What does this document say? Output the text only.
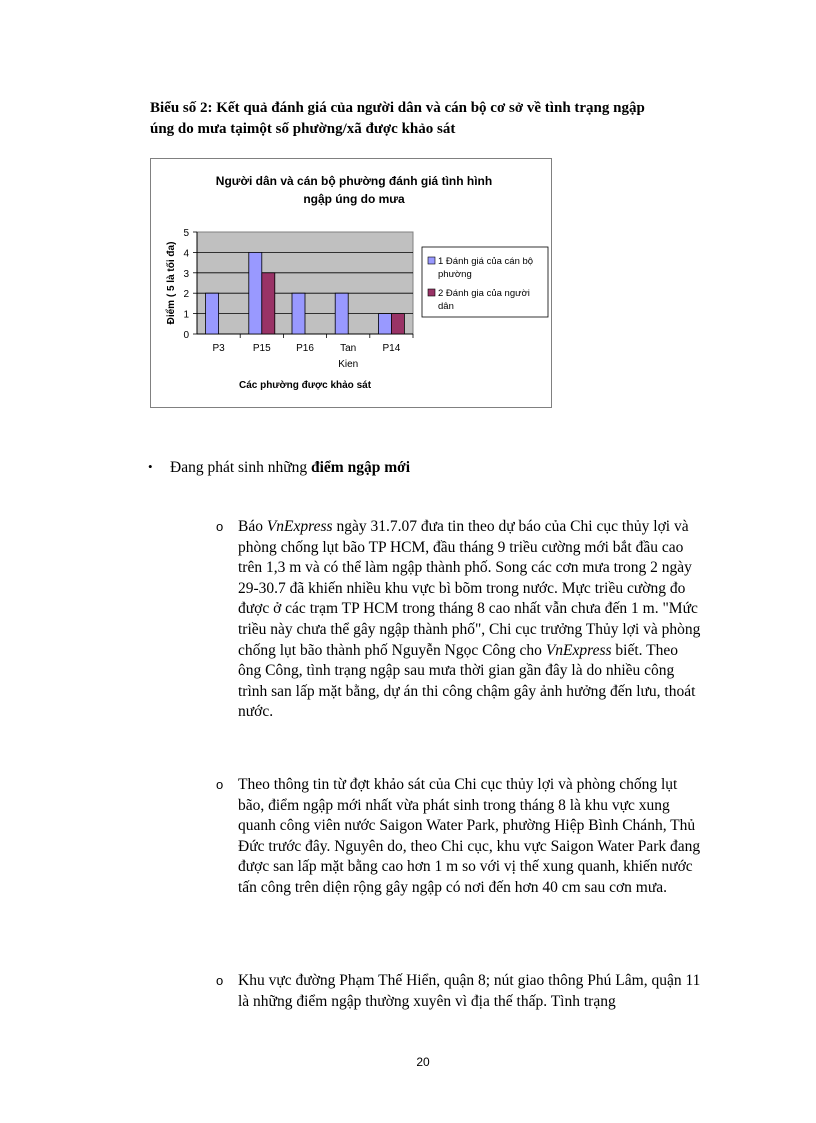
Biểu số 2: Kết quả đánh giá của người dân và cán bộ cơ sở về tình trạng ngập
úng do mưa tạimột số phường/xã được khảo sát
Người dân và cán bộ phường đánh giá tình hình
ngập úng do mưa
0
1
2
3
4
5
P3	P15	P16	Tan
Kien
P14
Các phường được khảo sát
Điểm ( 5 là tối đa)	1 Đánh giá của cán bộ
phường
2 Đánh gia của người
dân
• Đang phát sinh những điểm ngập mới
o Báo VnExpress ngày 31.7.07 đưa tin theo dự báo của Chi cục thủy lợi và phòng chống lụt bão TP HCM, đầu tháng 9 triều cường mới bắt đầu cao trên 1,3 m và có thể làm ngập thành phố. Song các cơn mưa trong 2 ngày 29-30.7 đã khiến nhiều khu vực bì bõm trong nước. Mực triều cường đo được ở các trạm TP HCM trong tháng 8 cao nhất vẫn chưa đến 1 m. "Mức triều này chưa thể gây ngập thành phố", Chi cục trưởng Thủy lợi và phòng chống lụt bão thành phố Nguyễn Ngọc Công cho VnExpress biết. Theo ông Công, tình trạng ngập sau mưa thời gian gần đây là do nhiều công trình san lấp mặt bằng, dự án thi công chậm gây ảnh hưởng đến lưu, thoát nước.
o Theo thông tin từ đợt khảo sát của Chi cục thủy lợi và phòng chống lụt bão, điểm ngập mới nhất vừa phát sinh trong tháng 8 là khu vực xung quanh công viên nước Saigon Water Park, phường Hiệp Bình Chánh, Thủ Đức trước đây. Nguyên do, theo Chi cục, khu vực Saigon Water Park đang được san lấp mặt bằng cao hơn 1 m so với vị thế xung quanh, khiến nước tấn công trên diện rộng gây ngập có nơi đến hơn 40 cm sau cơn mưa.
o Khu vực đường Phạm Thế Hiển, quận 8; nút giao thông Phú Lâm, quận 11 là những điểm ngập thường xuyên vì địa thế thấp. Tình trạng
20
